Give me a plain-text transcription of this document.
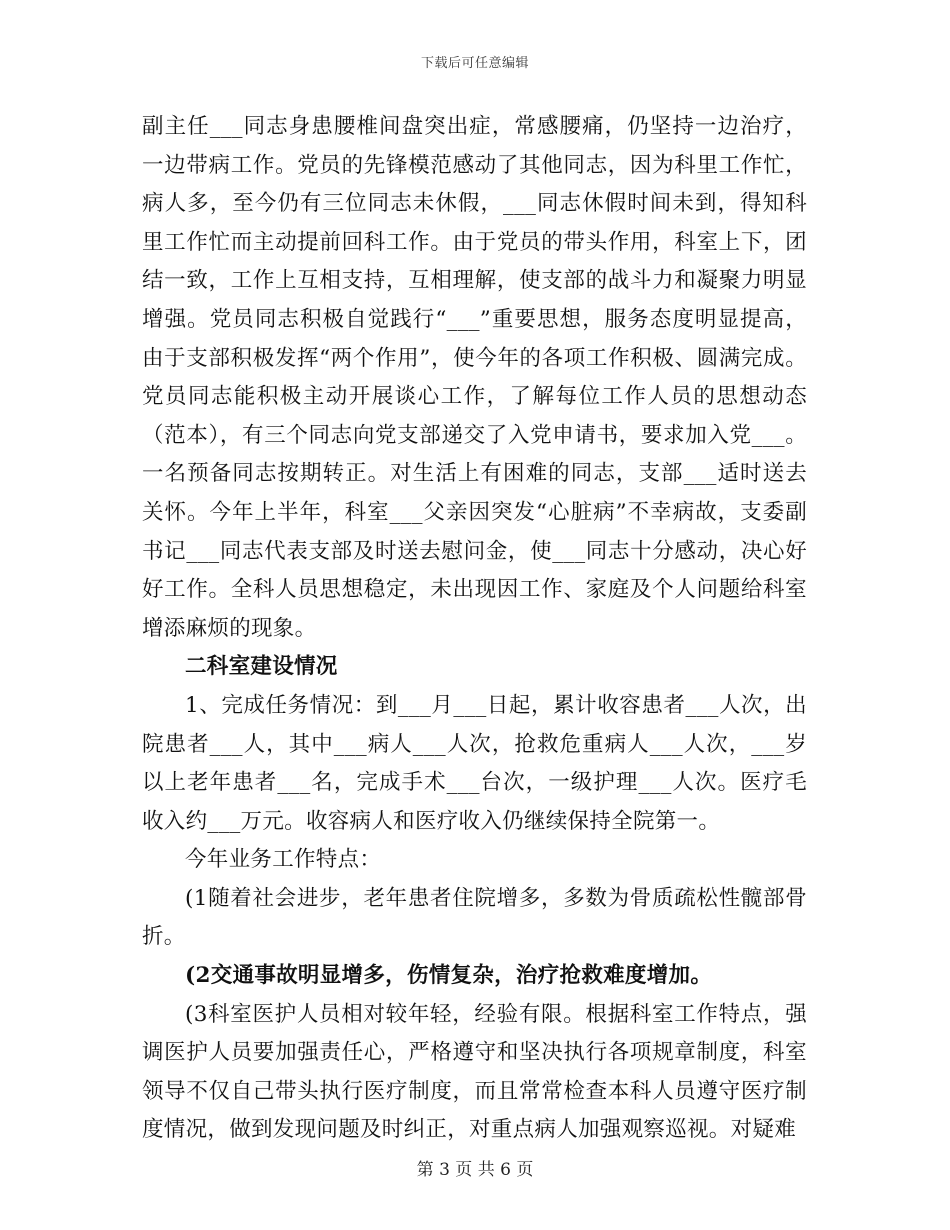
下载后可任意编辑

副主任___同志身患腰椎间盘突出症，常感腰痛，仍坚持一边治疗，一边带病工作。党员的先锋模范感动了其他同志，因为科里工作忙，病人多，至今仍有三位同志未休假，___同志休假时间未到，得知科里工作忙而主动提前回科工作。由于党员的带头作用，科室上下，团结一致，工作上互相支持，互相理解，使支部的战斗力和凝聚力明显增强。党员同志积极自觉践行“___”重要思想，服务态度明显提高，由于支部积极发挥“两个作用”，使今年的各项工作积极、圆满完成。党员同志能积极主动开展谈心工作，了解每位工作人员的思想动态（范本），有三个同志向党支部递交了入党申请书，要求加入党___。一名预备同志按期转正。对生活上有困难的同志，支部___适时送去关怀。今年上半年，科室___父亲因突发“心脏病”不幸病故，支委副书记___同志代表支部及时送去慰问金，使___同志十分感动，决心好好工作。全科人员思想稳定，未出现因工作、家庭及个人问题给科室增添麻烦的现象。

二科室建设情况

1、完成任务情况：到___月___日起，累计收容患者___人次，出院患者___人，其中___病人___人次，抢救危重病人___人次，___岁以上老年患者___名，完成手术___台次，一级护理___人次。医疗毛收入约___万元。收容病人和医疗收入仍继续保持全院第一。

今年业务工作特点：

(1随着社会进步，老年患者住院增多，多数为骨质疏松性髋部骨折。

(2交通事故明显增多，伤情复杂，治疗抢救难度增加。

(3科室医护人员相对较年轻，经验有限。根据科室工作特点，强调医护人员要加强责任心，严格遵守和坚决执行各项规章制度，科室领导不仅自己带头执行医疗制度，而且常常检查本科人员遵守医疗制度情况，做到发现问题及时纠正，对重点病人加强观察巡视。对疑难

第 3 页 共 6 页
